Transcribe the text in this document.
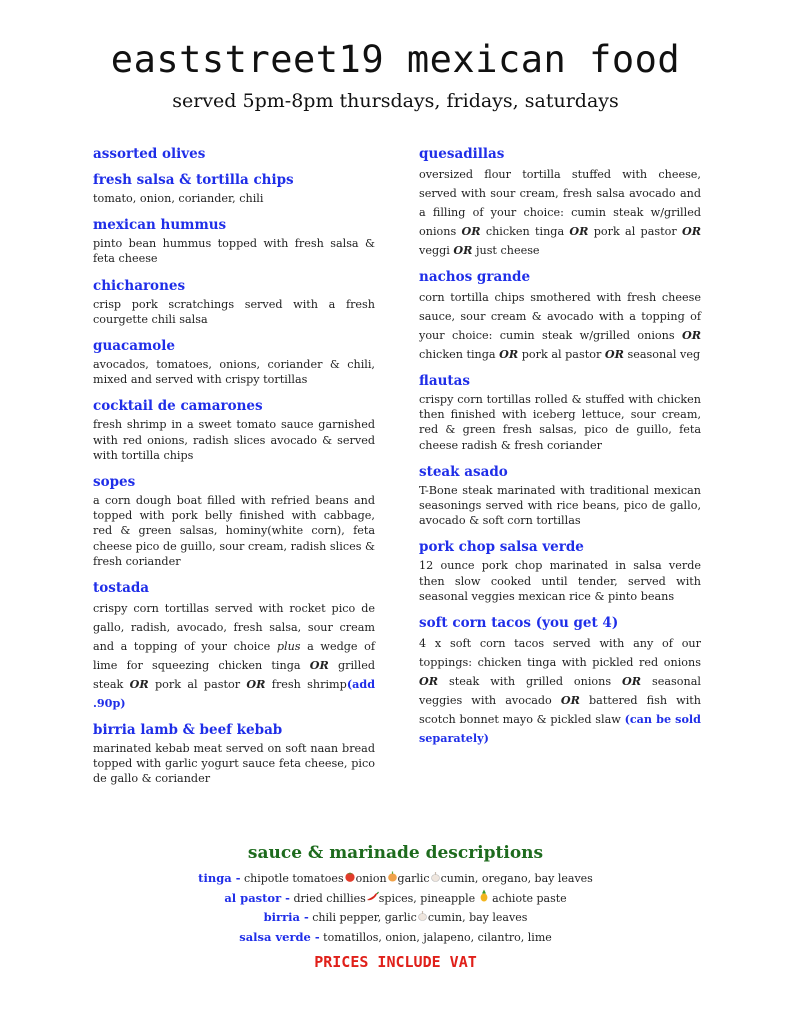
eaststreet19 mexican food
served 5pm-8pm thursdays, fridays, saturdays
assorted olives
fresh salsa & tortilla chips

tomato, onion, coriander, chili

mexican hummus

pinto bean hummus topped with fresh salsa & feta cheese

chicharones

crisp pork scratchings served with a fresh courgette chili salsa

guacamole

avocados, tomatoes, onions, coriander & chili, mixed and served with crispy tortillas

cocktail de camarones

fresh shrimp in a sweet tomato sauce garnished with red onions, radish slices avocado & served with tortilla chips

sopes

a corn dough boat filled with refried beans and topped with pork belly finished with cabbage, red & green salsas, hominy(white corn), feta cheese pico de guillo, sour cream, radish slices & fresh coriander

tostada

crispy corn tortillas served with rocket pico de gallo, radish, avocado, fresh salsa, sour cream and a topping of your choice plus a wedge of lime for squeezing chicken tinga OR grilled steak OR pork al pastor OR fresh shrimp(add .90p)

birria lamb & beef kebab

marinated kebab meat served on soft naan bread topped with garlic yogurt sauce feta cheese, pico de gallo & coriander

quesadillas

oversized flour tortilla stuffed with cheese, served with sour cream, fresh salsa avocado and a filling of your choice: cumin steak w/grilled onions OR chicken tinga OR pork al pastor OR veggi OR just cheese

nachos grande

corn tortilla chips smothered with fresh cheese sauce, sour cream & avocado with a topping of your choice: cumin steak w/grilled onions OR chicken tinga OR pork al pastor OR seasonal veg

flautas

crispy corn tortillas rolled & stuffed with chicken then finished with iceberg lettuce, sour cream, red & green fresh salsas, pico de guillo, feta cheese radish & fresh coriander

steak asado

T-Bone steak marinated with traditional mexican seasonings served with rice beans, pico de gallo, avocado & soft corn tortillas

pork chop salsa verde

12 ounce pork chop marinated in salsa verde then slow cooked until tender, served with seasonal veggies mexican rice & pinto beans

soft corn tacos (you get 4)

4 x soft corn tacos served with any of our toppings: chicken tinga with pickled red onions OR steak with grilled onions OR seasonal veggies with avocado OR battered fish with scotch bonnet mayo & pickled slaw (can be sold separately)

sauce & marinade descriptions

tinga - chipotle tomatoes onion garlic cumin, oregano, bay leaves

al pastor - dried chillies spices, pineapple achiote paste

birria - chili pepper, garlic cumin, bay leaves

salsa verde - tomatillos, onion, jalapeno, cilantro, lime

PRICES INCLUDE VAT
